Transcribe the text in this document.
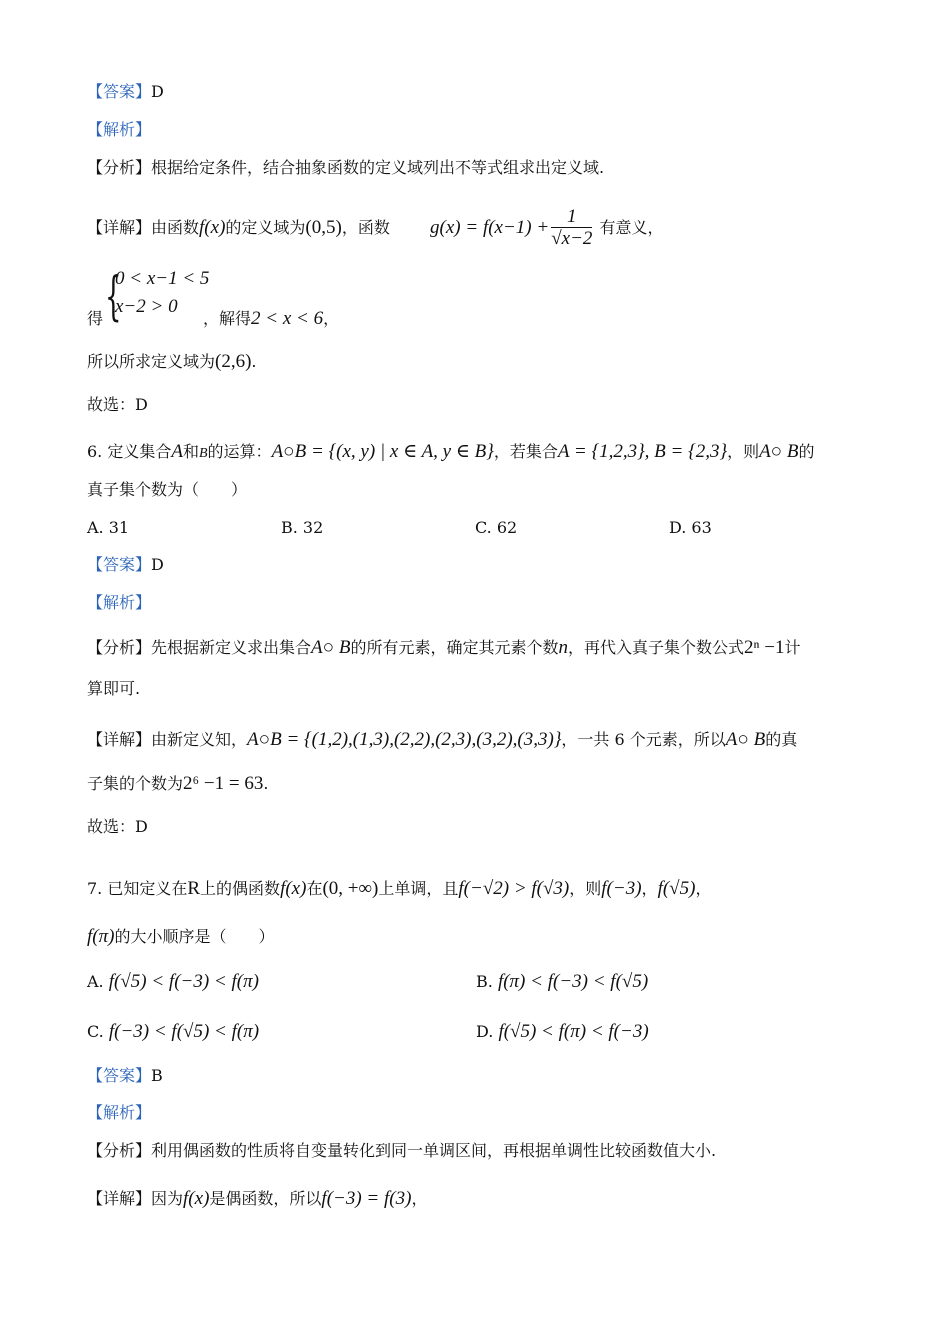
【答案】D
【解析】
【分析】根据给定条件，结合抽象函数的定义域列出不等式组求出定义域.
【详解】由函数f(x)的定义域为(0,5)，函数 $g(x) = f(x-1) + \frac{1}{√x-2}$ 有意义，
{
得
0 < x−1 < 5
x−2 > 0
，解得2 < x < 6，
所以所求定义域为(2,6).
故选：D
6. 定义集合A和B的运算：A○B = {(x, y) | x ∈ A, y ∈ B}，若集合A = {1,2,3}, B = {2,3}，则A○ B的
真子集个数为（　　）
A. 31	B. 32	C. 62	D. 63
【答案】D
【解析】
【分析】先根据新定义求出集合A○ B的所有元素，确定其元素个数n，再代入真子集个数公式2ⁿ −1计
算即可.
【详解】由新定义知，A○B = {(1,2),(1,3),(2,2),(2,3),(3,2),(3,3)}，一共 6 个元素，所以A○ B的真
子集的个数为2⁶ −1 = 63.
故选：D
7. 已知定义在R上的偶函数f(x)在(0, +∞)上单调，且f(−√2) > f(√3)，则f(−3)，f(√5)，
f(π)的大小顺序是（　　）
A. f(√5) < f(−3) < f(π)	B. f(π) < f(−3) < f(√5)
C. f(−3) < f(√5) < f(π)	D. f(√5) < f(π) < f(−3)
【答案】B
【解析】
【分析】利用偶函数的性质将自变量转化到同一单调区间，再根据单调性比较函数值大小.
【详解】因为f(x)是偶函数，所以f(−3) = f(3)，
